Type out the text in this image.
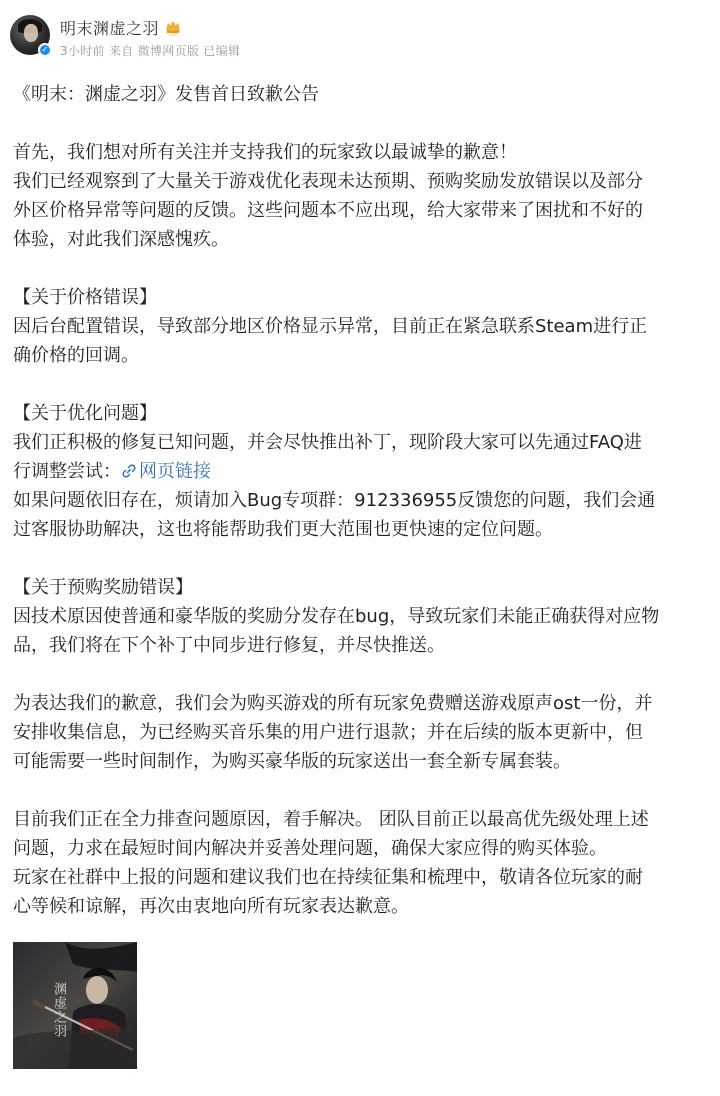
✓
明末渊虚之羽
3小时前 来自 微博网页版 已编辑

《明末：渊虚之羽》发售首日致歉公告

首先，我们想对所有关注并支持我们的玩家致以最诚挚的歉意！

我们已经观察到了大量关于游戏优化表现未达预期、预购奖励发放错误以及部分

外区价格异常等问题的反馈。这些问题本不应出现，给大家带来了困扰和不好的

体验，对此我们深感愧疚。

【关于价格错误】

因后台配置错误，导致部分地区价格显示异常，目前正在紧急联系Steam进行正

确价格的回调。

【关于优化问题】

我们正积极的修复已知问题，并会尽快推出补丁，现阶段大家可以先通过FAQ进

行调整尝试： 网页链接

如果问题依旧存在，烦请加入Bug专项群：912336955反馈您的问题，我们会通

过客服协助解决，这也将能帮助我们更大范围也更快速的定位问题。

【关于预购奖励错误】

因技术原因使普通和豪华版的奖励分发存在bug，导致玩家们未能正确获得对应物

品，我们将在下个补丁中同步进行修复，并尽快推送。

为表达我们的歉意，我们会为购买游戏的所有玩家免费赠送游戏原声ost一份，并

安排收集信息，为已经购买音乐集的用户进行退款；并在后续的版本更新中，但

可能需要一些时间制作，为购买豪华版的玩家送出一套全新专属套装。

目前我们正在全力排查问题原因，着手解决。 团队目前正以最高优先级处理上述

问题，力求在最短时间内解决并妥善处理问题，确保大家应得的购买体验。

玩家在社群中上报的问题和建议我们也在持续征集和梳理中，敬请各位玩家的耐

心等候和谅解，再次由衷地向所有玩家表达歉意。

渊虚之羽
